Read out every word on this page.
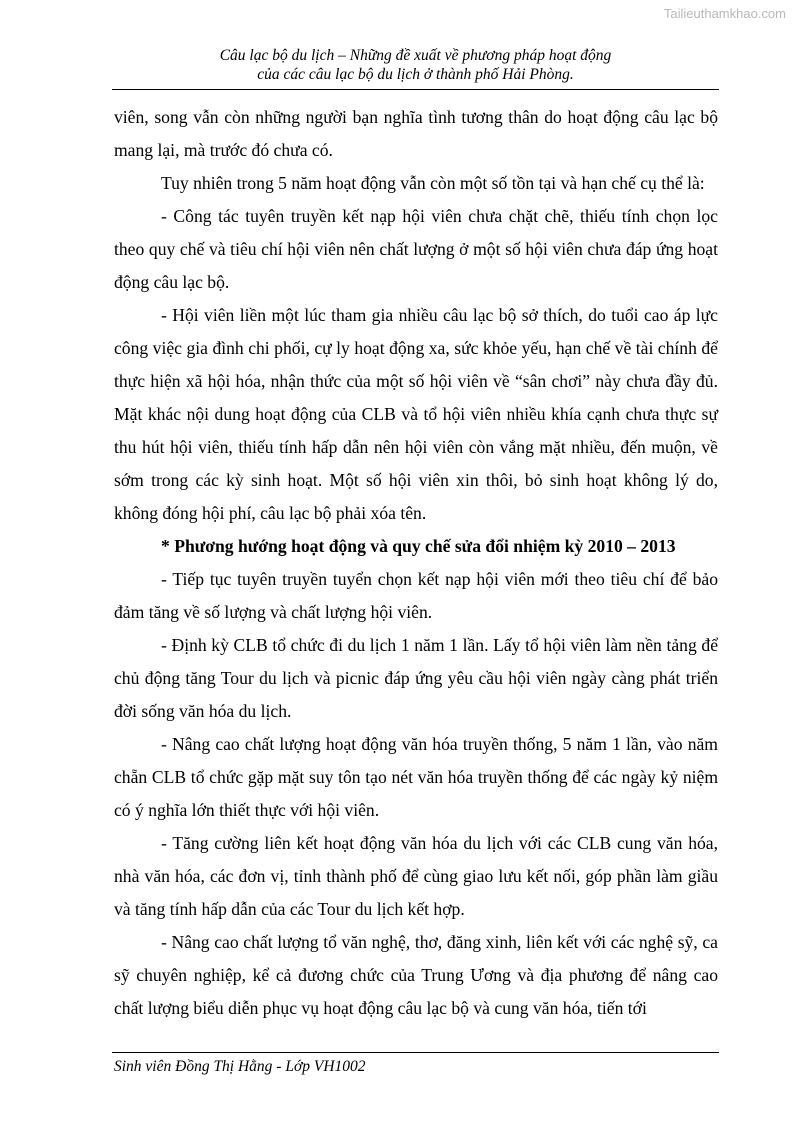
Tailieuthamkhao.com
Câu lạc bộ du lịch – Những đề xuất về phương pháp hoạt động
của các câu lạc bộ du lịch ở thành phố Hải Phòng.

viên, song vẫn còn những người bạn nghĩa tình tương thân do hoạt động câu lạc bộ mang lại, mà trước đó chưa có.

Tuy nhiên trong 5 năm hoạt động vẫn còn một số tồn tại và hạn chế cụ thể là:

- Công tác tuyên truyền kết nạp hội viên chưa chặt chẽ, thiếu tính chọn lọc theo quy chế và tiêu chí hội viên nên chất lượng ở một số hội viên chưa đáp ứng hoạt động câu lạc bộ.

- Hội viên liền một lúc tham gia nhiều câu lạc bộ sở thích, do tuổi cao áp lực công việc gia đình chi phối, cự ly hoạt động xa, sức khỏe yếu, hạn chế về tài chính để thực hiện xã hội hóa, nhận thức của một số hội viên về “sân chơi” này chưa đầy đủ. Mặt khác nội dung hoạt động của CLB và tổ hội viên nhiều khía cạnh chưa thực sự thu hút hội viên, thiếu tính hấp dẫn nên hội viên còn vắng mặt nhiều, đến muộn, về sớm trong các kỳ sinh hoạt. Một số hội viên xin thôi, bỏ sinh hoạt không lý do, không đóng hội phí, câu lạc bộ phải xóa tên.

* Phương hướng hoạt động và quy chế sửa đổi nhiệm kỳ 2010 – 2013

- Tiếp tục tuyên truyền tuyển chọn kết nạp hội viên mới theo tiêu chí để bảo đảm tăng về số lượng và chất lượng hội viên.

- Định kỳ CLB tổ chức đi du lịch 1 năm 1 lần. Lấy tổ hội viên làm nền tảng để chủ động tăng Tour du lịch và picnic đáp ứng yêu cầu hội viên ngày càng phát triển đời sống văn hóa du lịch.

- Nâng cao chất lượng hoạt động văn hóa truyền thống, 5 năm 1 lần, vào năm chẵn CLB tổ chức gặp mặt suy tôn tạo nét văn hóa truyền thống để các ngày kỷ niệm có ý nghĩa lớn thiết thực với hội viên.

- Tăng cường liên kết hoạt động văn hóa du lịch với các CLB cung văn hóa, nhà văn hóa, các đơn vị, tỉnh thành phố để cùng giao lưu kết nối, góp phần làm giầu và tăng tính hấp dẫn của các Tour du lịch kết hợp.

- Nâng cao chất lượng tổ văn nghệ, thơ, đăng xinh, liên kết với các nghệ sỹ, ca sỹ chuyên nghiệp, kể cả đương chức của Trung Ương và địa phương để nâng cao chất lượng biểu diễn phục vụ hoạt động câu lạc bộ và cung văn hóa, tiến tới

Sinh viên Đồng Thị Hằng - Lớp VH1002
